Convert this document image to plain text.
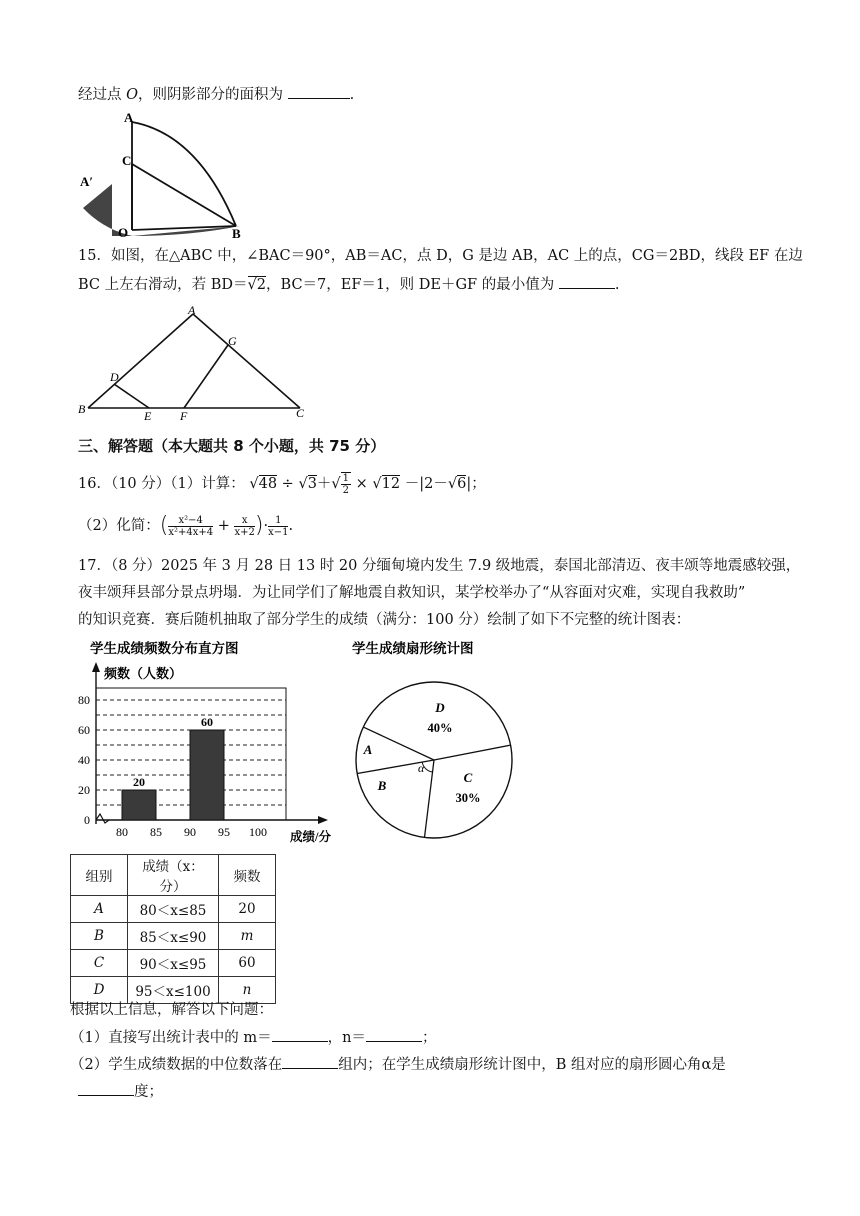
经过点 O，则阴影部分的面积为	.
A
C
A′
O	B
15．如图，在△ABC 中，∠BAC＝90°，AB＝AC，点 D，G 是边 AB，AC 上的点，CG＝2BD，线段 EF 在边
BC 上左右滑动，若 BD＝√2，BC＝7，EF＝1，则 DE＋GF 的最小值为	.
A
G
D
B	E F	C
三、解答题（本大题共 8 个小题，共 75 分）
16．（10 分）（1）计算： $√48 \div √3+√ \frac{1}{2} \times √12 -|2-√6|$；
（2）化简：( $\frac{\text{x²−4}}{\text{x²+4x+4}} + \frac{x}{x+2}$ )· $\frac{1}{x-1}$ .
17．（8 分）2025 年 3 月 28 日 13 时 20 分缅甸境内发生 7.9 级地震，泰国北部清迈、夜丰颂等地震感较强，
夜丰颂拜县部分景点坍塌．为让同学们了解地震自救知识，某学校举办了“从容面对灾难，实现自我救助”
的知识竞赛．赛后随机抽取了部分学生的成绩（满分：100 分）绘制了如下不完整的统计图表：
学生成绩频数分布直方图
频数（人数）
成绩/分
0
20
40
60
80
80 85 90 95 100
20
60
学生成绩扇形统计图
α
D
40%
C
30%
B
A
组别	成绩（x：分）	频数
A	80＜x≤85	20
B	85＜x≤90	m
C	90＜x≤95	60
D	95＜x≤100	n
根据以上信息，解答以下问题：
（1）直接写出统计表中的 m＝	，n＝	；
（2）学生成绩数据的中位数落在	组内；在学生成绩扇形统计图中，B 组对应的扇形圆心角α是
度；
